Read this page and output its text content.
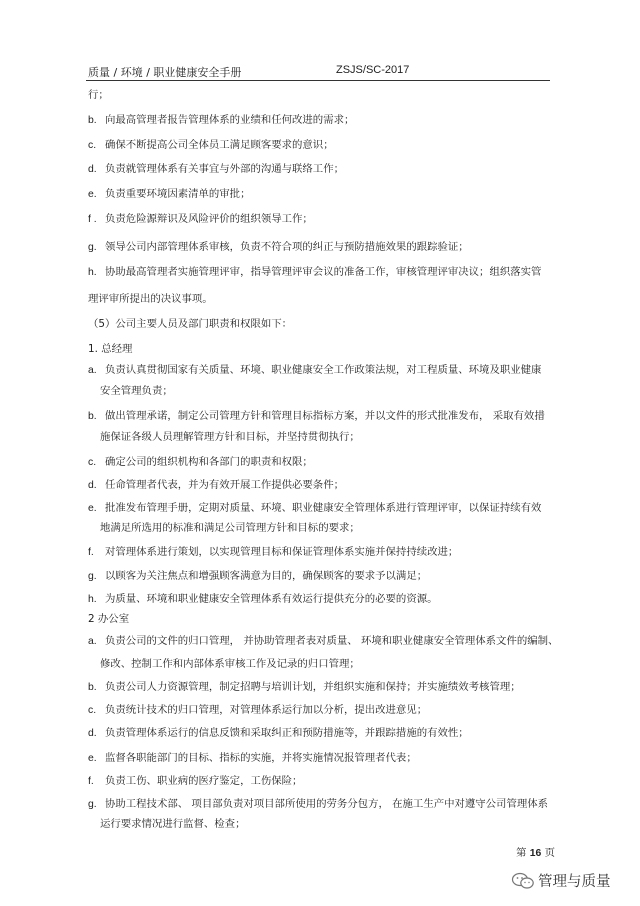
质量 / 环境 / 职业健康安全手册	ZSJS/SC-2017
行；
b. 向最高管理者报告管理体系的业绩和任何改进的需求；
c. 确保不断提高公司全体员工满足顾客要求的意识；
d. 负责就管理体系有关事宜与外部的沟通与联络工作；
e. 负责重要环境因素清单的审批；
f . 负责危险源辩识及风险评价的组织领导工作；
g. 领导公司内部管理体系审核，负责不符合项的纠正与预防措施效果的跟踪验证；
h. 协助最高管理者实施管理评审，指导管理评审会议的准备工作，审核管理评审决议；组织落实管
理评审所提出的决议事项。
（5）公司主要人员及部门职责和权限如下：
1. 总经理
a. 负责认真贯彻国家有关质量、环境、职业健康安全工作政策法规，对工程质量、环境及职业健康
安全管理负责；
b. 做出管理承诺，制定公司管理方针和管理目标指标方案，并以文件的形式批准发布， 采取有效措
施保证各级人员理解管理方针和目标，并坚持贯彻执行；
c. 确定公司的组织机构和各部门的职责和权限；
d. 任命管理者代表，并为有效开展工作提供必要条件；
e. 批准发布管理手册，定期对质量、环境、职业健康安全管理体系进行管理评审，以保证持续有效
地满足所选用的标准和满足公司管理方针和目标的要求；
f. 对管理体系进行策划，以实现管理目标和保证管理体系实施并保持持续改进；
g. 以顾客为关注焦点和增强顾客满意为目的，确保顾客的要求予以满足；
h. 为质量、环境和职业健康安全管理体系有效运行提供充分的必要的资源。
2 办公室
a. 负责公司的文件的归口管理， 并协助管理者表对质量、 环境和职业健康安全管理体系文件的编制、
修改、控制工作和内部体系审核工作及记录的归口管理；
b. 负责公司人力资源管理，制定招聘与培训计划，并组织实施和保持；并实施绩效考核管理；
c. 负责统计技术的归口管理，对管理体系运行加以分析，提出改进意见；
d. 负责管理体系运行的信息反馈和采取纠正和预防措施等，并跟踪措施的有效性；
e. 监督各职能部门的目标、指标的实施，并将实施情况报管理者代表；
f. 负责工伤、职业病的医疗鉴定，工伤保险；
g. 协助工程技术部、 项目部负责对项目部所使用的劳务分包方， 在施工生产中对遵守公司管理体系
运行要求情况进行监督、检查；
第 16 页
管理与质量
